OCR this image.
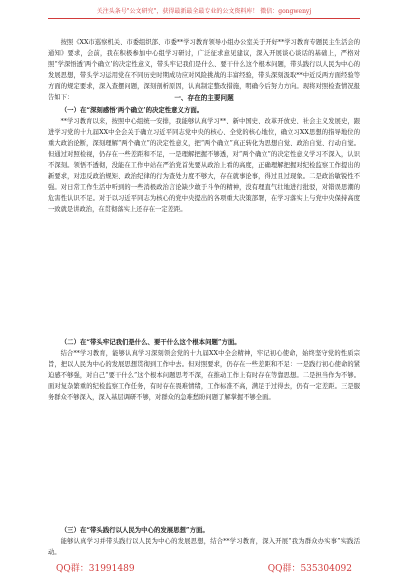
关注头条号"公文研究"，获得最新最全最专业的公文资料库！ 微信：gongwenyj

按照《XX市巡察机关、市委组织部、市委**学习教育领导小组办公室关于开好**学习教育专题民主生活会的通知》要求，会前，我在积极参加中心组学习研讨，广泛征求意见建议，深入开展谈心谈话的基础上，严格对照“学深悟透‘两个确立’的决定性意义，带头牢记我们是什么、要干什么这个根本问题，带头践行以人民为中心的发展思想，带头学习运用党在不同历史时期成功应对风险挑战的丰富经验，带头深刻汲取**中近反两方面经验等方面的规定要求，深入查摆问题，深刻剖析原因，认真制定整改措施，明确今后努力方向。现将对照检查情况报告如下：	一、存在的主要问题

（一）在“深刻感悟‘两个确立’的决定性意义方面。

**学习教育以来，按照中心组统一安排，我能够认真学习**、新中国史、改革开放史、社会主义发展史，跟进学习党的十九届XX中全会关于确立习近平同志党中央的核心、全党的核心地位，确立习XX思想的指导地位的重大政治论断，深刻理解“两个确立”的决定性意义，把“两个确立”真正转化为思想自觉、政治自觉、行动自觉。但通过对照检视，仍存在一些差距和不足，一是理解把握不够透，对“两个确立”的决定性意义学习不深入，认识不深刻。领悟不透彻，没能在工作中站在严治党首先要从政治上看的高度，正确理解把握对纪检监察工作提出的新要求，对违反政治规矩、政治纪律的行为查处力度不够大，存在就事论事，得过且过现象。二是政治敏锐性不强。对日常工作生活中听到的一些消极政治言论缺少敢于斗争的精神，没有理直气壮地进行批驳，对错误思潮的危害性认识不足。对于以习近平同志为核心的党中央提出的各项重大决策部署，在学习落实上与党中央保持高度一致就是讲政治，在贯彻落实上还存在一定差距。

（二）在“带头牢记我们是什么、要干什么这个根本问题”方面。

结合**学习教育，能够认真学习深刻领会党的十九届XX中全会精神，牢记初心使命，始终坚守党的性质宗旨，把以人民为中心的发展思想贯彻到工作中去。但对照要求，仍存在一些差距和不足：一是践行初心使命的紧迫感不够强，对自己“要干什么”这个根本问题思考不深，在推动工作上有时存在等靠思想。二是担当作为不够。面对复杂繁重的纪检监察工作任务，有时存在畏难情绪，工作标准不高，满足于过得去，仍有一定差距。三是服务群众不够深入，深入基层调研不够，对群众的急难愁盼问题了解掌握不够全面。

（三）在“带头践行以人民为中心的发展思想”方面。

能够认真学习并带头践行以人民为中心的发展思想，结合**学习教育，深入开展“我为群众办实事”实践活动。

QQ群：31991489	QQ群：535304092
